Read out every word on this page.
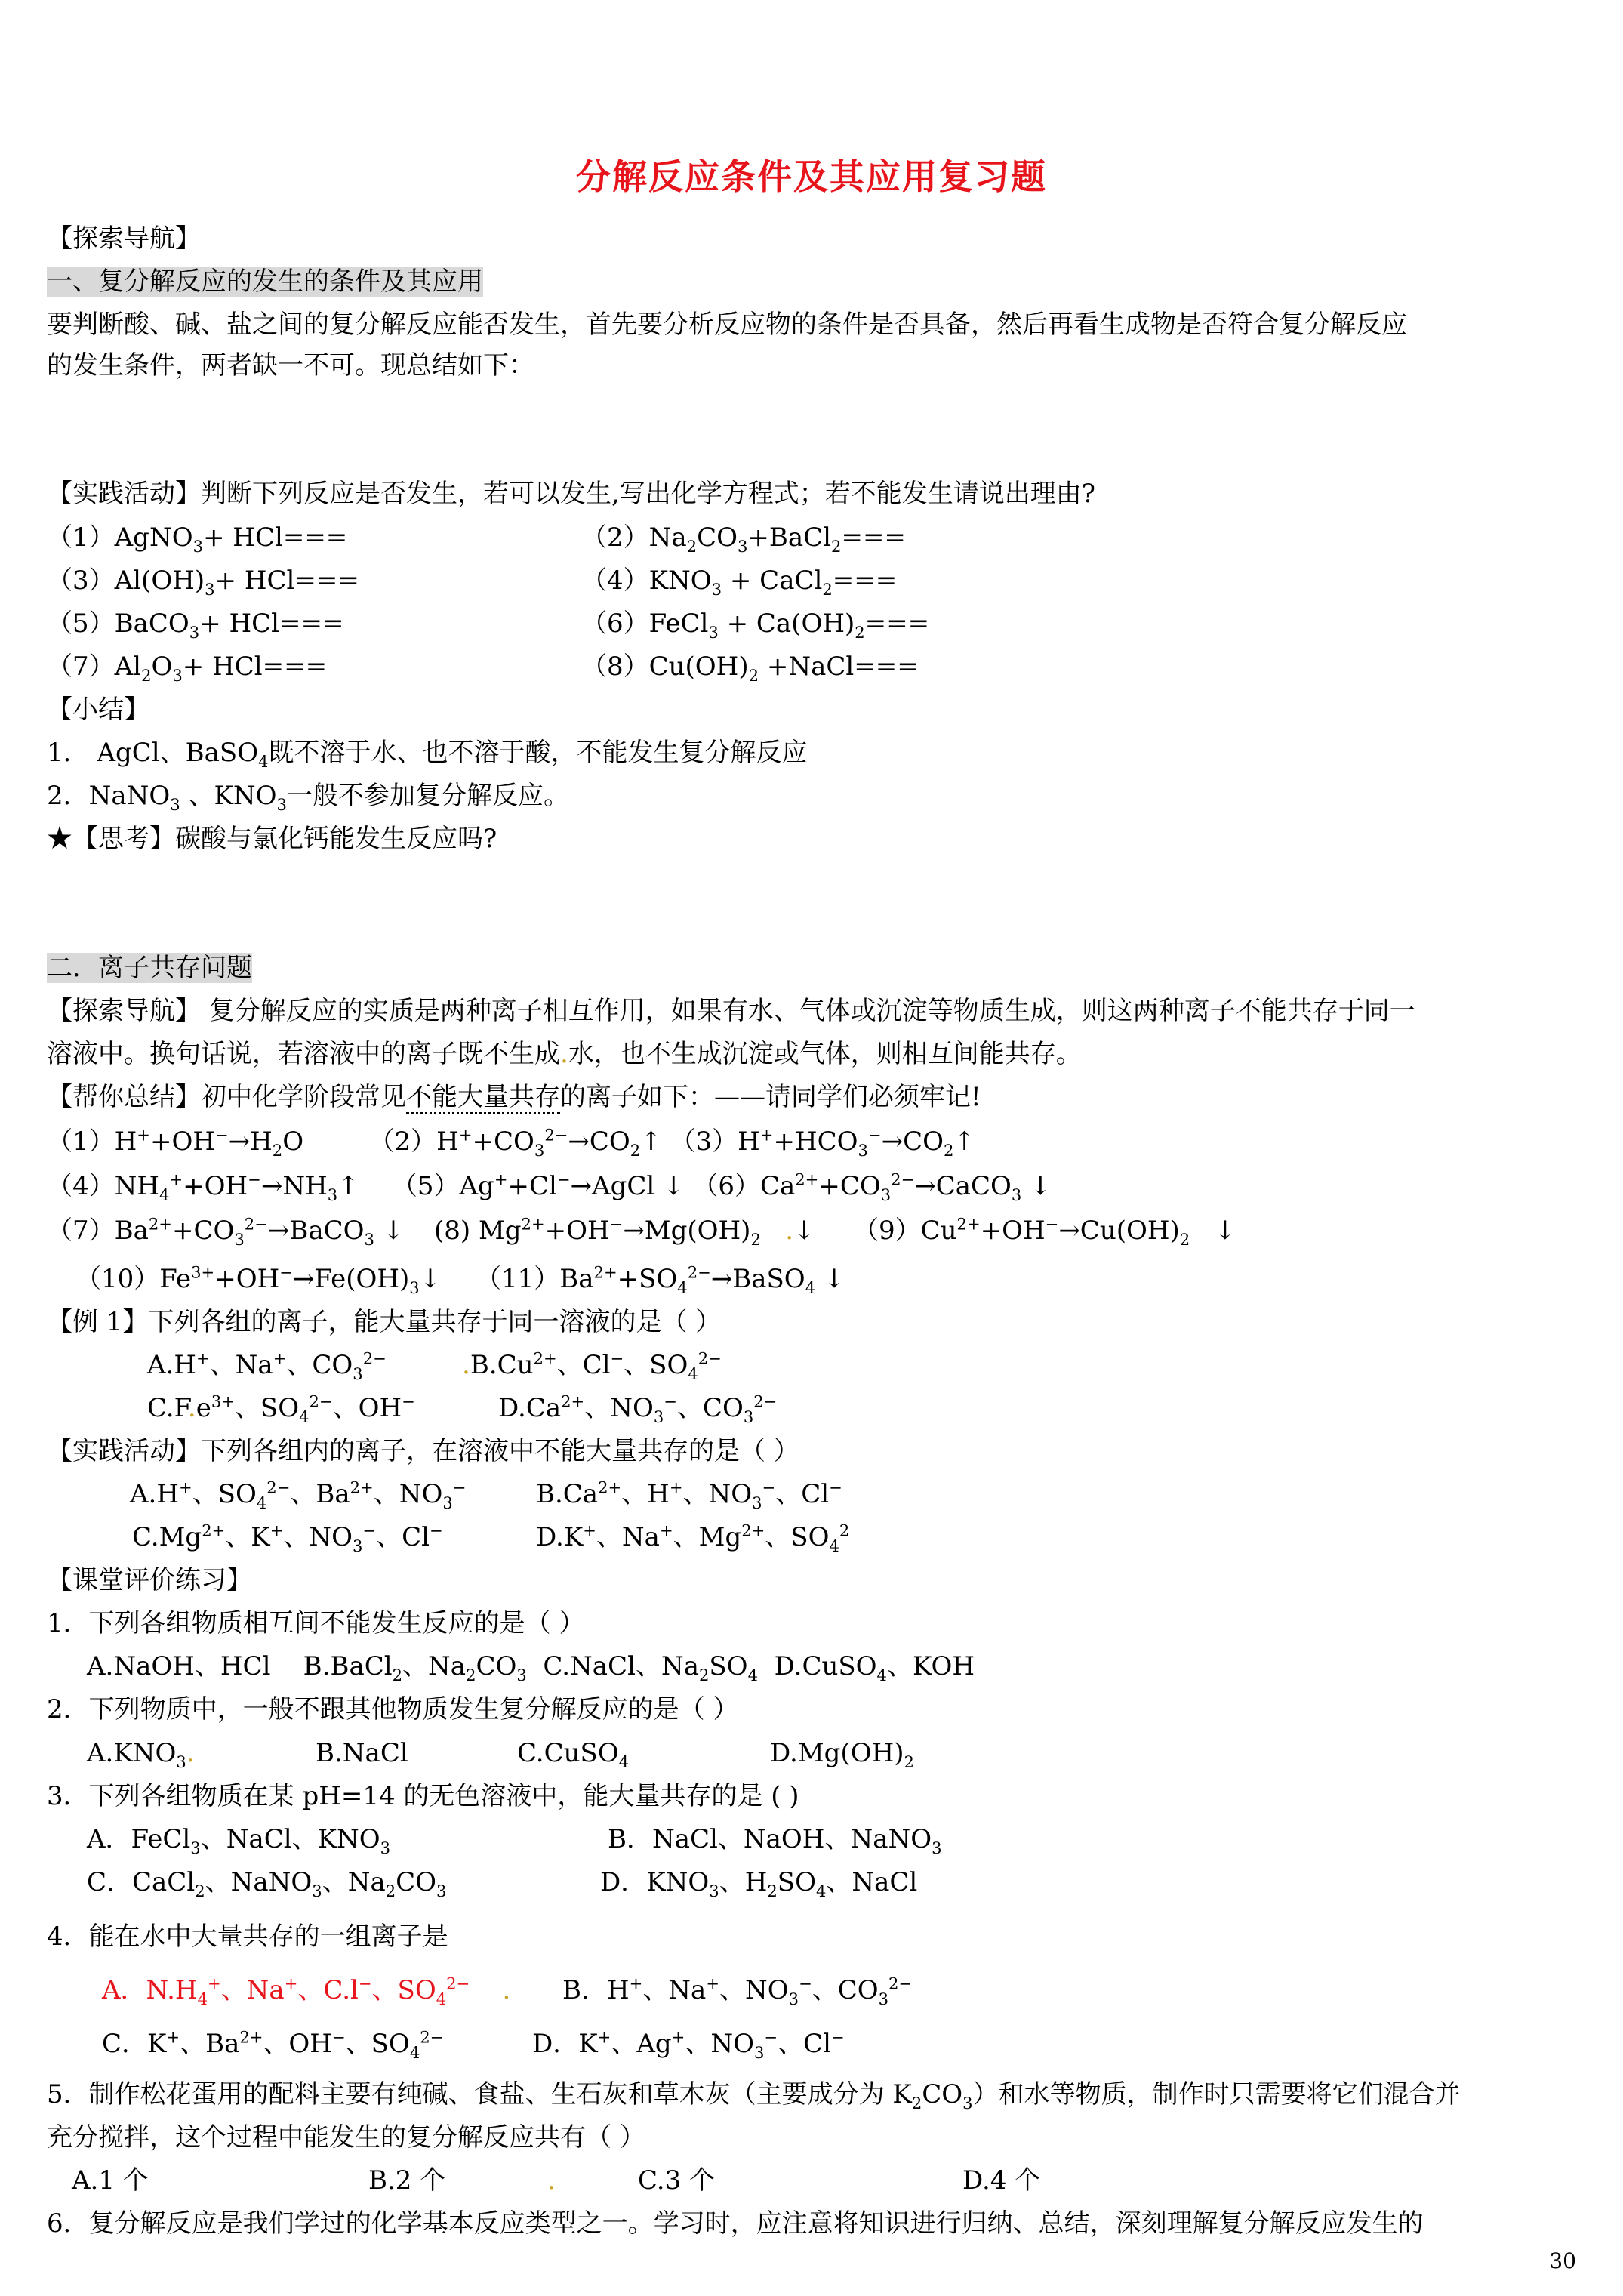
分解反应条件及其应用复习题
【探索导航】
一、复分解反应的发生的条件及其应用
要判断酸、碱、盐之间的复分解反应能否发生，首先要分析反应物的条件是否具备，然后再看生成物是否符合复分解反应
的发生条件，两者缺一不可。现总结如下：
【实践活动】判断下列反应是否发生，若可以发生,写出化学方程式；若不能发生请说出理由?
（1）AgNO$_3$+ HCl===	$(2)Na_2CO_3+BaCl_2===$
$(3)Al(OH)_3+ HCl===$	$(4)KNO_3$ + CaCl$_2$===
（5）BaCO$_3$+ HCl===	（6）FeCl$_3$ + $Ca(OH)_2===$
$(7)Al_2O_3+ HCl===$	$(8)Cu(OH)_2$ +NaCl===
【小结】
1． AgCl、BaSO$_4$既不溶于水、也不溶于酸，不能发生复分解反应
2．NaNO$_3$ 、$KNO_3$一般不参加复分解反应。
★【思考】碳酸与氯化钙能发生反应吗?
二．离子共存问题
【探索导航】 复分解反应的实质是两种离子相互作用，如果有水、气体或沉淀等物质生成，则这两种离子不能共存于同一
溶液中。换句话说，若溶液中的离子既不生成.水，也不生成沉淀或气体，则相互间能共存。
【帮你总结】初中化学阶段常见不能大量共存的离子如下：——请同学们必须牢记!
$(1)H^++OH^-\to H_2O$        $(2)H^++CO_3^{2-}\to CO_2↑$ $(3)H^++HCO_3^-\to CO_2↑$
$(4)NH_4^++OH^-\to NH_3↑$    （5）Ag++Cl−→AgCl ↓ $(6)Ca^{2+}+CO_3^{2-}\to CaCO_3$ ↓
$(7)Ba^{2+}+CO_3^{2-}\to BaCO_3$ ↓ (8) $Mg^{2+}+OH^-\to Mg(OH)_2$ .↓ $(9)Cu^{2+}+OH^-\to Cu(OH)_2$   ↓
$(10)Fe^{3+}+OH^-\to Fe(OH)_3↓$ $(11)Ba^{2+}+SO_4^{2-}\to BaSO_4$ ↓
【例 1】下列各组的离子，能大量共存于同一溶液的是（ ）
A.H+、Na+、$CO_3^{2-}$	$.B.Cu^{2+}$、Cl−、$SO_4^{2-}$
$C.F.e^{3+}$、$SO_4^{2-}$、OH−	$D.Ca^{2+}$、$NO_3^-$、$CO_3^{2-}$
【实践活动】下列各组内的离子，在溶液中不能大量共存的是（ ）
A.H+、$SO_4^{2-}$、$Ba^{2+}$、$NO_3^-$	$B.Ca^{2+}$、H+、$NO_3^-$、Cl−
$C.Mg^{2+}$、K+、$NO_3^-$、Cl−	D.K+、Na+、$Mg^{2+}$、$SO_4^2$
【课堂评价练习】
1．下列各组物质相互间不能发生反应的是（ ）
A.NaOH、HCl    B.BaCl$_2$、$Na_2CO_3$  C.NaCl、$Na_2SO_4$  D.CuSO$_4$、KOH
2．下列物质中，一般不跟其他物质发生复分解反应的是（ ）
$A.KNO_3$.	B.NaCl	C.CuSO$_4$	$D.Mg(OH)_2$
3．下列各组物质在某 pH=14 的无色溶液中，能大量共存的是 ( )
A．FeCl$_3$、NaCl、$KNO_3$	B．NaCl、NaOH、NaNO$_3$
C．CaCl$_2$、NaNO$_3$、$Na_2CO_3$	D．$KNO_3$、$H_2SO_4$、NaCl
4．能在水中大量共存的一组离子是
A．$N.H_4^+$、Na+、C.l−、$SO_4^{2-}$ . B．H+、Na+、$NO_3^-$、$CO_3^{2-}$
C．K+、$Ba^{2+}$、OH−、$SO_4^{2-}$	D．K+、Ag+、$NO_3^-$、Cl−
5．制作松花蛋用的配料主要有纯碱、食盐、生石灰和草木灰（主要成分为 $K_2CO_3$）和水等物质，制作时只需要将它们混合并
充分搅拌，这个过程中能发生的复分解反应共有（ ）
A.1 个	B.2 个	.	C.3 个	D.4 个
6．复分解反应是我们学过的化学基本反应类型之一。学习时，应注意将知识进行归纳、总结，深刻理解复分解反应发生的
30
